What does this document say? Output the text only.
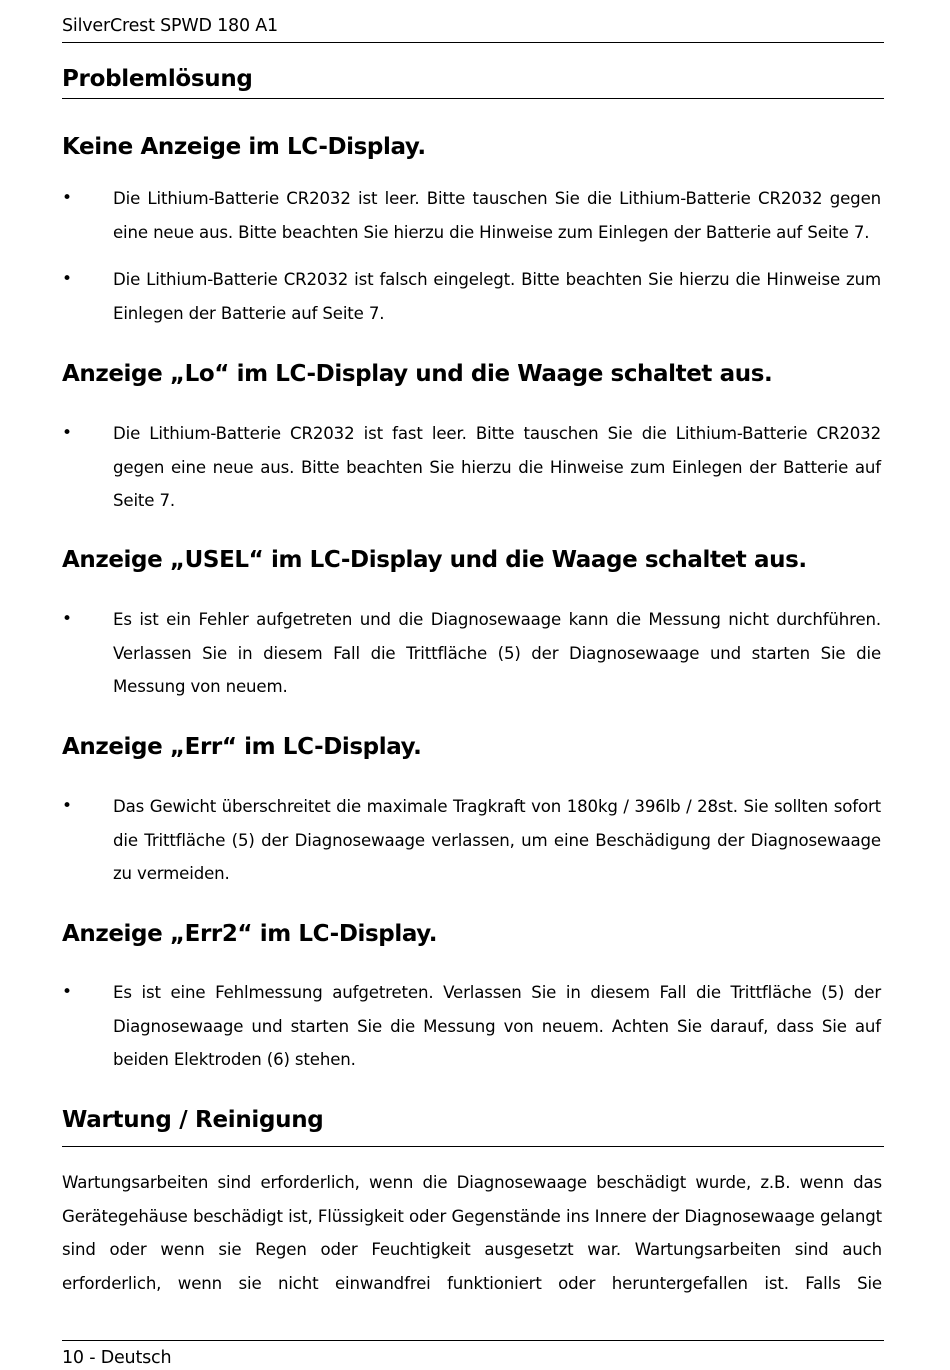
SilverCrest SPWD 180 A1
Problemlösung
Keine Anzeige im LC-Display.
• Die Lithium-Batterie CR2032 ist leer. Bitte tauschen Sie die Lithium-Batterie CR2032 gegen eine neue aus. Bitte beachten Sie hierzu die Hinweise zum Einlegen der Batterie auf Seite 7.

• Die Lithium-Batterie CR2032 ist falsch eingelegt. Bitte beachten Sie hierzu die Hinweise zum Einlegen der Batterie auf Seite 7.

Anzeige „Lo“ im LC-Display und die Waage schaltet aus.
• Die Lithium-Batterie CR2032 ist fast leer. Bitte tauschen Sie die Lithium-Batterie CR2032 gegen eine neue aus. Bitte beachten Sie hierzu die Hinweise zum Einlegen der Batterie auf Seite 7.

Anzeige „USEL“ im LC-Display und die Waage schaltet aus.
• Es ist ein Fehler aufgetreten und die Diagnosewaage kann die Messung nicht durchführen. Verlassen Sie in diesem Fall die Trittfläche (5) der Diagnosewaage und starten Sie die Messung von neuem.

Anzeige „Err“ im LC-Display.
• Das Gewicht überschreitet die maximale Tragkraft von 180kg / 396lb / 28st. Sie sollten sofort die Trittfläche (5) der Diagnosewaage verlassen, um eine Beschädigung der Diagnosewaage zu vermeiden.

Anzeige „Err2“ im LC-Display.
• Es ist eine Fehlmessung aufgetreten. Verlassen Sie in diesem Fall die Trittfläche (5) der Diagnosewaage und starten Sie die Messung von neuem. Achten Sie darauf, dass Sie auf beiden Elektroden (6) stehen.

Wartung / Reinigung

Wartungsarbeiten sind erforderlich, wenn die Diagnosewaage beschädigt wurde, z.B. wenn das Gerätegehäuse beschädigt ist, Flüssigkeit oder Gegenstände ins Innere der Diagnosewaage gelangt sind oder wenn sie Regen oder Feuchtigkeit ausgesetzt war. Wartungsarbeiten sind auch erforderlich, wenn sie nicht einwandfrei funktioniert oder heruntergefallen ist. Falls Sie

10 - Deutsch
